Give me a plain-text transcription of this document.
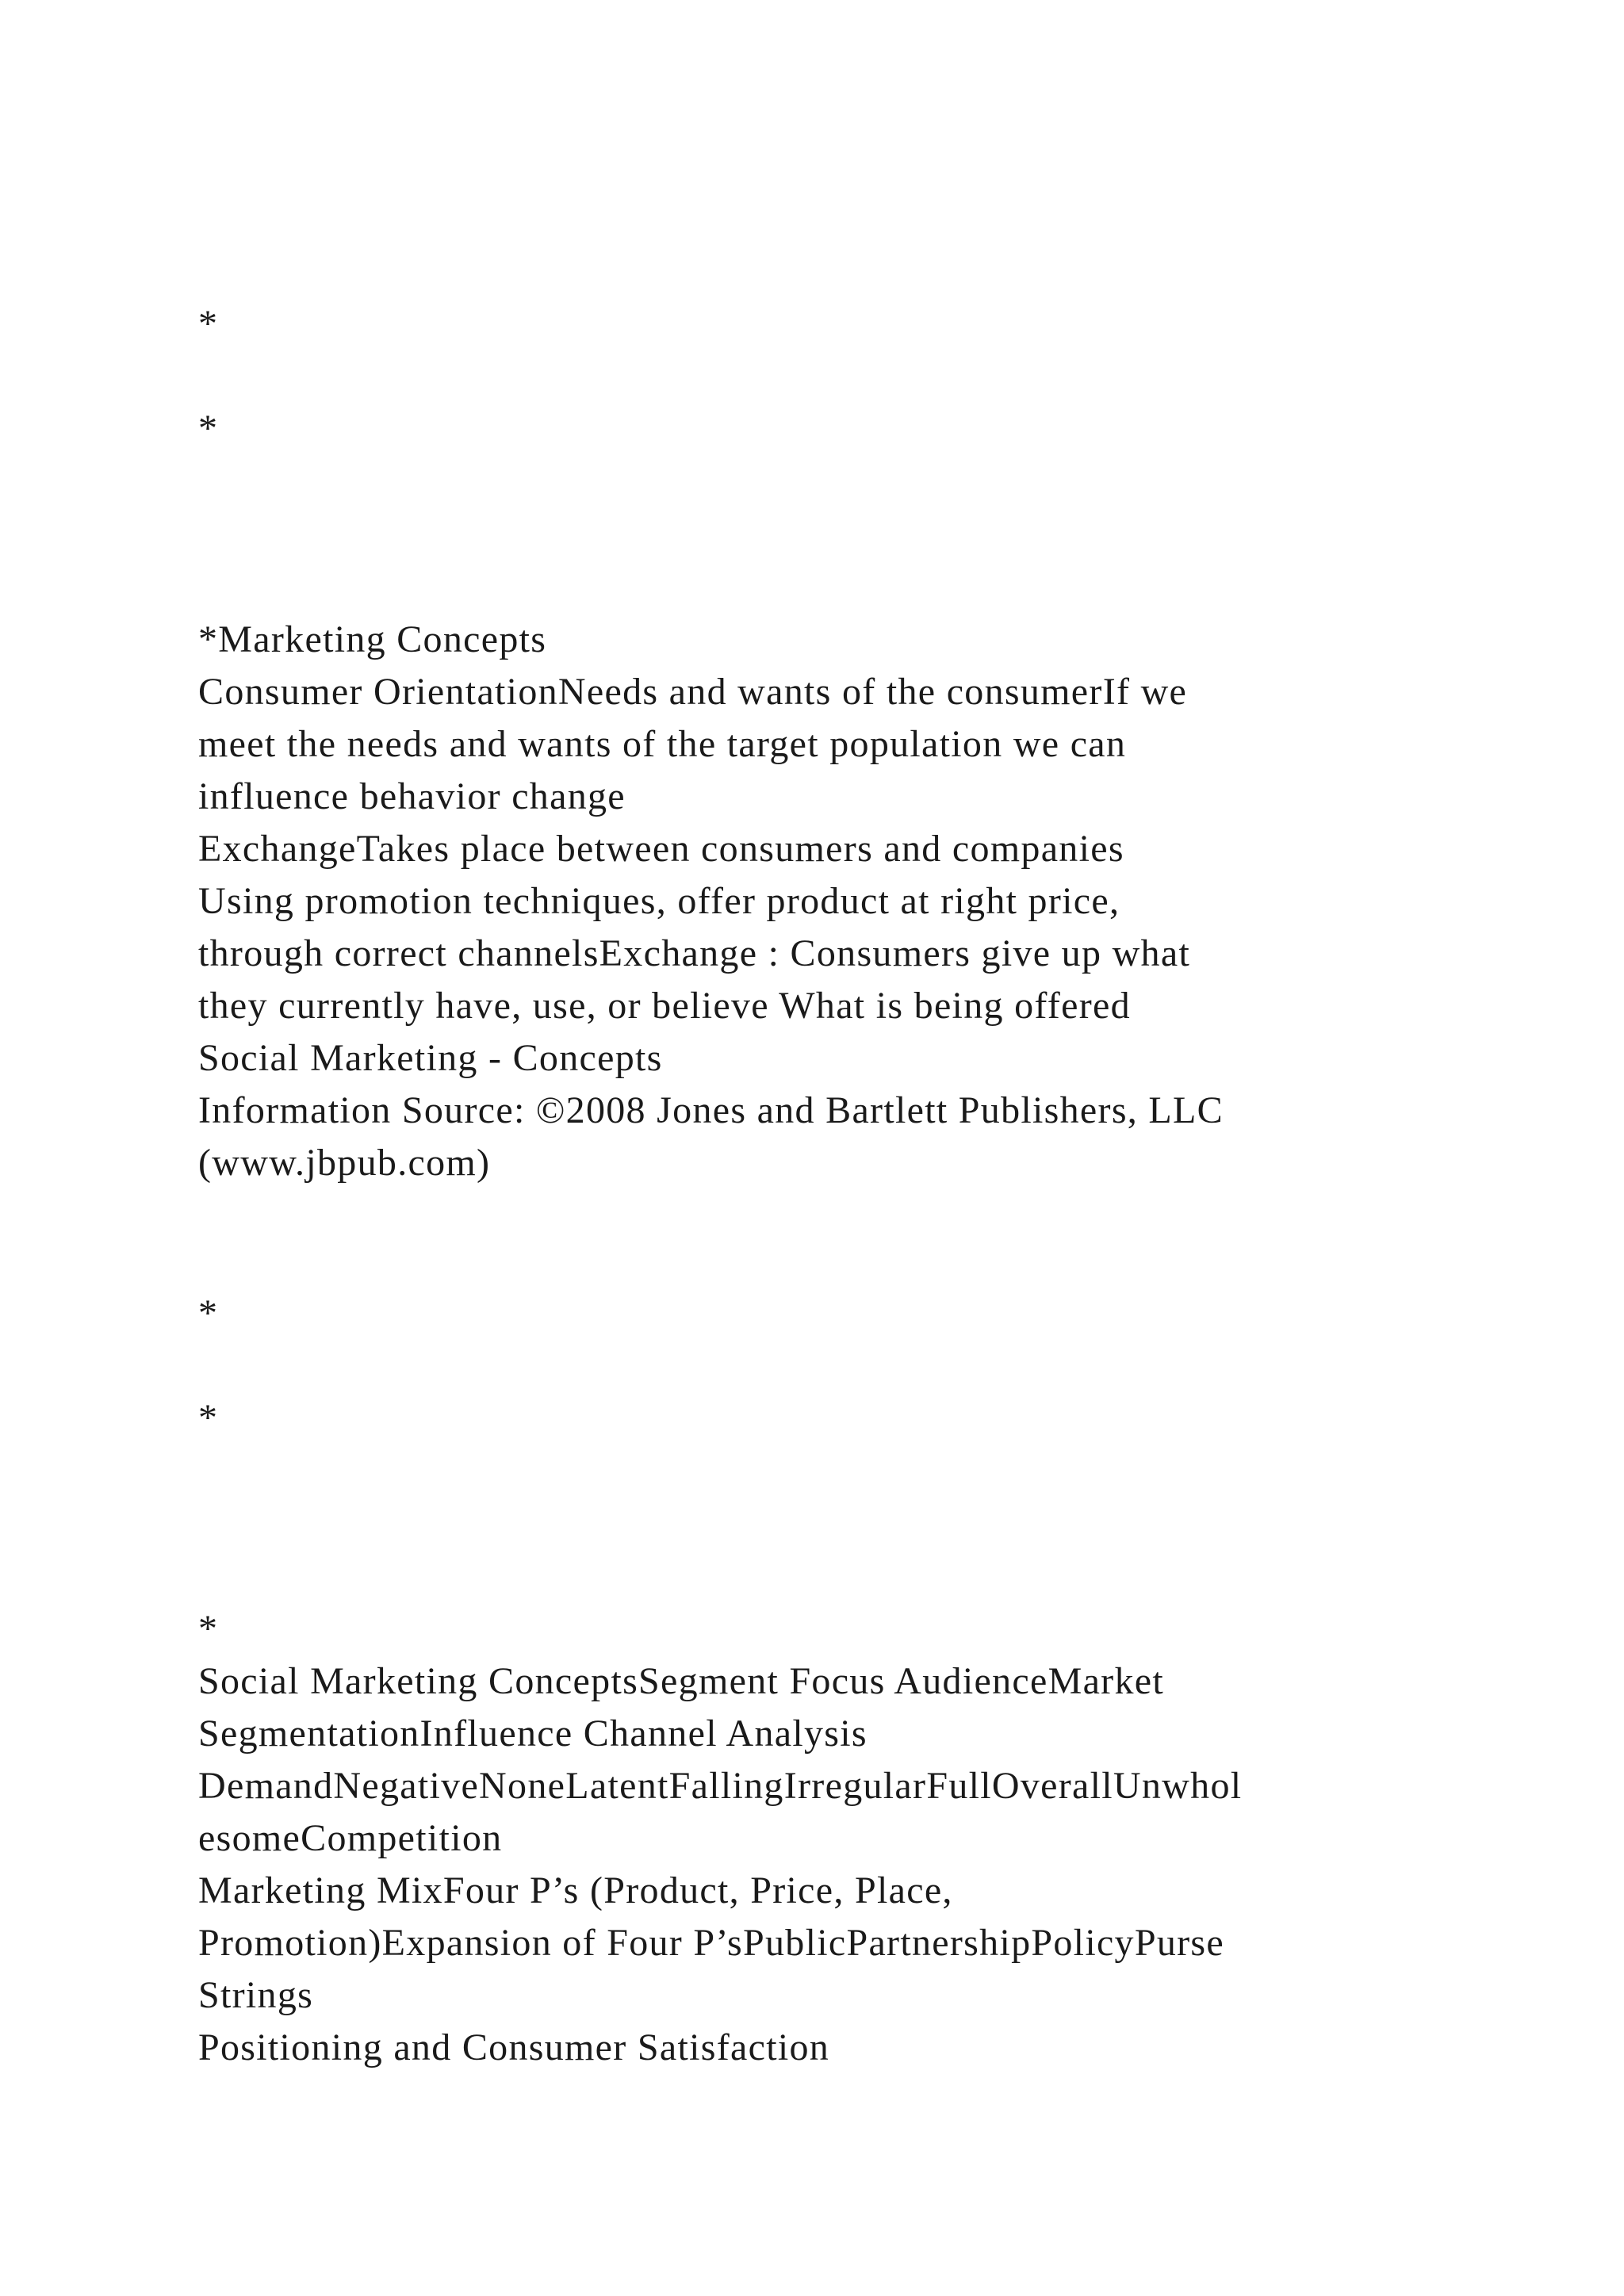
*

*

*Marketing Concepts

Consumer OrientationNeeds and wants of the consumerIf we

meet the needs and wants of the target population we can

influence behavior change

ExchangeTakes place between consumers and companies

Using promotion techniques, offer product at right price,

through correct channelsExchange : Consumers give up what

they currently have, use, or believe What is being offered

Social Marketing - Concepts

Information Source: ©2008 Jones and Bartlett Publishers, LLC

(www.jbpub.com)

*

*

*

Social Marketing ConceptsSegment Focus AudienceMarket

SegmentationInfluence Channel Analysis

DemandNegativeNoneLatentFallingIrregularFullOverallUnwhol

esomeCompetition

Marketing MixFour P’s (Product, Price, Place,

Promotion)Expansion of Four P’sPublicPartnershipPolicyPurse

Strings

Positioning and Consumer Satisfaction
